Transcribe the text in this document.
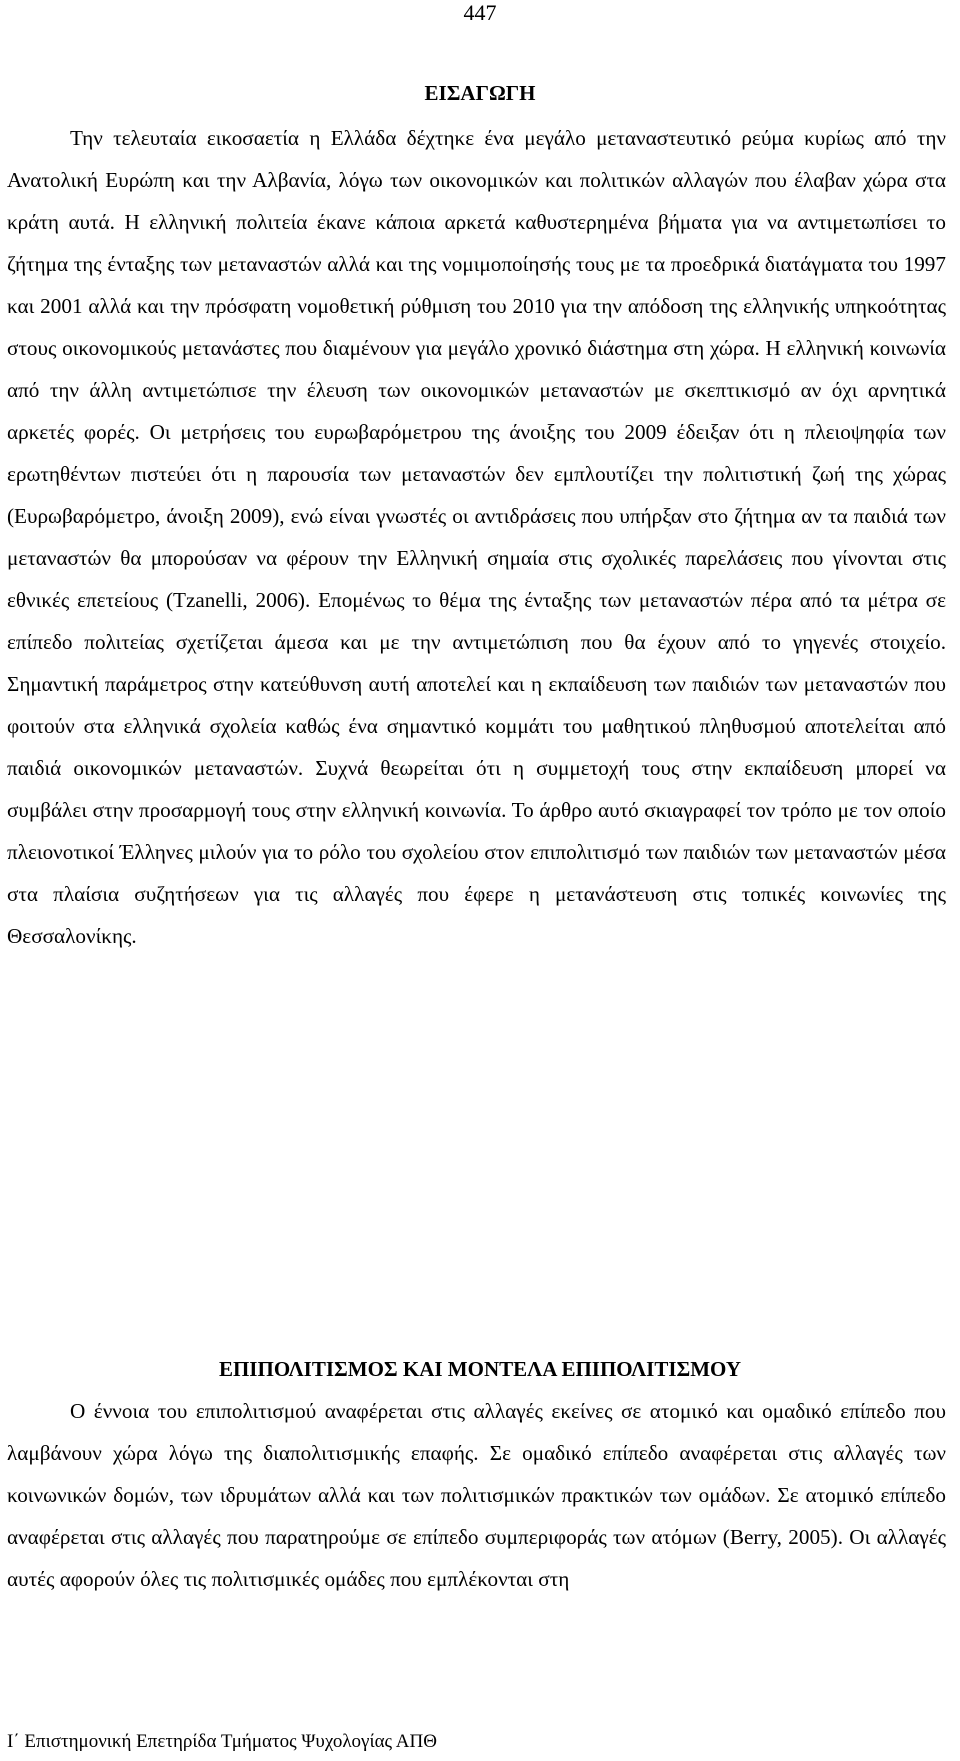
447
ΕΙΣΑΓΩΓΗ

Την τελευταία εικοσαετία η Ελλάδα δέχτηκε ένα μεγάλο μεταναστευτικό ρεύμα κυρίως από την Ανατολική Ευρώπη και την Αλβανία, λόγω των οικονομικών και πολιτικών αλλαγών που έλαβαν χώρα στα κράτη αυτά. Η ελληνική πολιτεία έκανε κάποια αρκετά καθυστερημένα βήματα για να αντιμετωπίσει το ζήτημα της ένταξης των μεταναστών αλλά και της νομιμοποίησής τους με τα προεδρικά διατάγματα του 1997 και 2001 αλλά και την πρόσφατη νομοθετική ρύθμιση του 2010 για την απόδοση της ελληνικής υπηκοότητας στους οικονομικούς μετανάστες που διαμένουν για μεγάλο χρονικό διάστημα στη χώρα. Η ελληνική κοινωνία από την άλλη αντιμετώπισε την έλευση των οικονομικών μεταναστών με σκεπτικισμό αν όχι αρνητικά αρκετές φορές. Οι μετρήσεις του ευρωβαρόμετρου της άνοιξης του 2009 έδειξαν ότι η πλειοψηφία των ερωτηθέντων πιστεύει ότι η παρουσία των μεταναστών δεν εμπλουτίζει την πολιτιστική ζωή της χώρας (Ευρωβαρόμετρο, άνοιξη 2009), ενώ είναι γνωστές οι αντιδράσεις που υπήρξαν στο ζήτημα αν τα παιδιά των μεταναστών θα μπορούσαν να φέρουν την Ελληνική σημαία στις σχολικές παρελάσεις που γίνονται στις εθνικές επετείους (Tzanelli, 2006). Επομένως το θέμα της ένταξης των μεταναστών πέρα από τα μέτρα σε επίπεδο πολιτείας σχετίζεται άμεσα και με την αντιμετώπιση που θα έχουν από το γηγενές στοιχείο. Σημαντική παράμετρος στην κατεύθυνση αυτή αποτελεί και η εκπαίδευση των παιδιών των μεταναστών που φοιτούν στα ελληνικά σχολεία καθώς ένα σημαντικό κομμάτι του μαθητικού πληθυσμού αποτελείται από παιδιά οικονομικών μεταναστών. Συχνά θεωρείται ότι η συμμετοχή τους στην εκπαίδευση μπορεί να συμβάλει στην προσαρμογή τους στην ελληνική κοινωνία. Το άρθρο αυτό σκιαγραφεί τον τρόπο με τον οποίο πλειονοτικοί Έλληνες μιλούν για το ρόλο του σχολείου στον επιπολιτισμό των παιδιών των μεταναστών μέσα στα πλαίσια συζητήσεων για τις αλλαγές που έφερε η μετανάστευση στις τοπικές κοινωνίες της Θεσσαλονίκης.

ΕΠΙΠΟΛΙΤΙΣΜΟΣ ΚΑΙ ΜΟΝΤΕΛΑ ΕΠΙΠΟΛΙΤΙΣΜΟΥ

Ο έννοια του επιπολιτισμού αναφέρεται στις αλλαγές εκείνες σε ατομικό και ομαδικό επίπεδο που λαμβάνουν χώρα λόγω της διαπολιτισμικής επαφής. Σε ομαδικό επίπεδο αναφέρεται στις αλλαγές των κοινωνικών δομών, των ιδρυμάτων αλλά και των πολιτισμικών πρακτικών των ομάδων. Σε ατομικό επίπεδο αναφέρεται στις αλλαγές που παρατηρούμε σε επίπεδο συμπεριφοράς των ατόμων (Berry, 2005). Οι αλλαγές αυτές αφορούν όλες τις πολιτισμικές ομάδες που εμπλέκονται στη

Ι΄ Επιστημονική Επετηρίδα Τμήματος Ψυχολογίας ΑΠΘ
